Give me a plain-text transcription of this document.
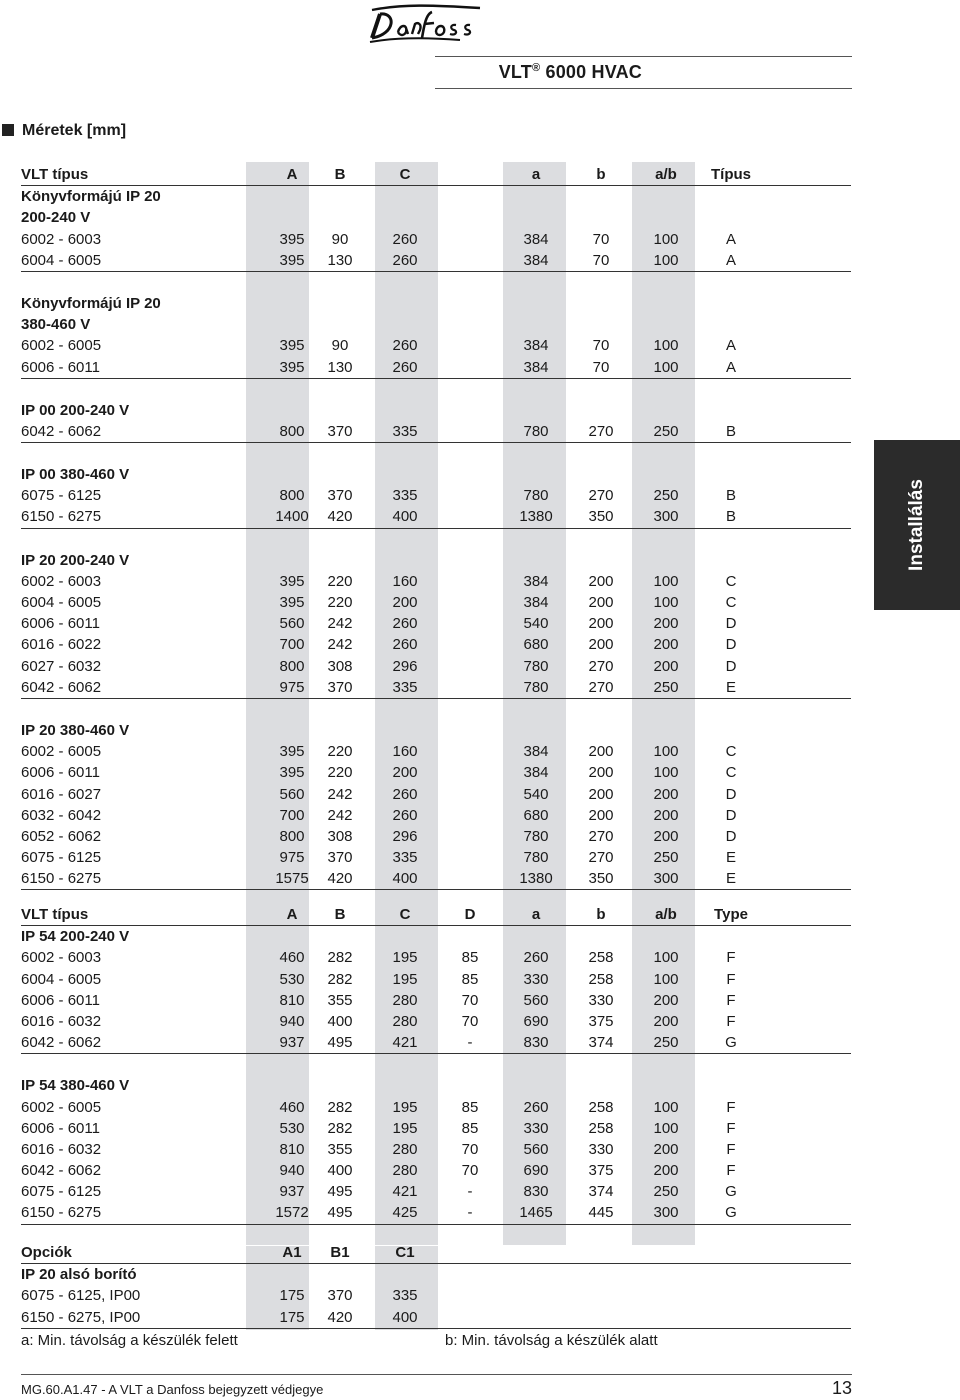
VLT® 6000 HVAC
Méretek [mm]
Installálás
VLT típus	A	B	C	a	b	a/b	Típus
Könyvformájú IP 20
200-240 V
6002 - 6003	395	90	260	384	70	100	A
6004 - 6005	395	130	260	384	70	100	A
Könyvformájú IP 20
380-460 V
6002 - 6005	395	90	260	384	70	100	A
6006 - 6011	395	130	260	384	70	100	A
IP 00 200-240 V
6042 - 6062	800	370	335	780	270	250	B
IP 00 380-460 V
6075 - 6125	800	370	335	780	270	250	B
6150 - 6275	1400	420	400	1380	350	300	B
IP 20 200-240 V
6002 - 6003	395	220	160	384	200	100	C
6004 - 6005	395	220	200	384	200	100	C
6006 - 6011	560	242	260	540	200	200	D
6016 - 6022	700	242	260	680	200	200	D
6027 - 6032	800	308	296	780	270	200	D
6042 - 6062	975	370	335	780	270	250	E
IP 20 380-460 V
6002 - 6005	395	220	160	384	200	100	C
6006 - 6011	395	220	200	384	200	100	C
6016 - 6027	560	242	260	540	200	200	D
6032 - 6042	700	242	260	680	200	200	D
6052 - 6062	800	308	296	780	270	200	D
6075 - 6125	975	370	335	780	270	250	E
6150 - 6275	1575	420	400	1380	350	300	E
VLT típus	A	B	C	D	a	b	a/b	Type
IP 54 200-240 V
6002 - 6003	460	282	195	85	260	258	100	F
6004 - 6005	530	282	195	85	330	258	100	F
6006 - 6011	810	355	280	70	560	330	200	F
6016 - 6032	940	400	280	70	690	375	200	F
6042 - 6062	937	495	421	-	830	374	250	G
IP 54 380-460 V
6002 - 6005	460	282	195	85	260	258	100	F
6006 - 6011	530	282	195	85	330	258	100	F
6016 - 6032	810	355	280	70	560	330	200	F
6042 - 6062	940	400	280	70	690	375	200	F
6075 - 6125	937	495	421	-	830	374	250	G
6150 - 6275	1572	495	425	-	1465	445	300	G
Opciók	A1	B1	C1
IP 20 alsó borító
6075 - 6125, IP00	175	370	335
6150 - 6275, IP00	175	420	400
a: Min. távolság a készülék felett	b: Min. távolság a készülék alatt
MG.60.A1.47 - A VLT a Danfoss bejegyzett védjegye	13
